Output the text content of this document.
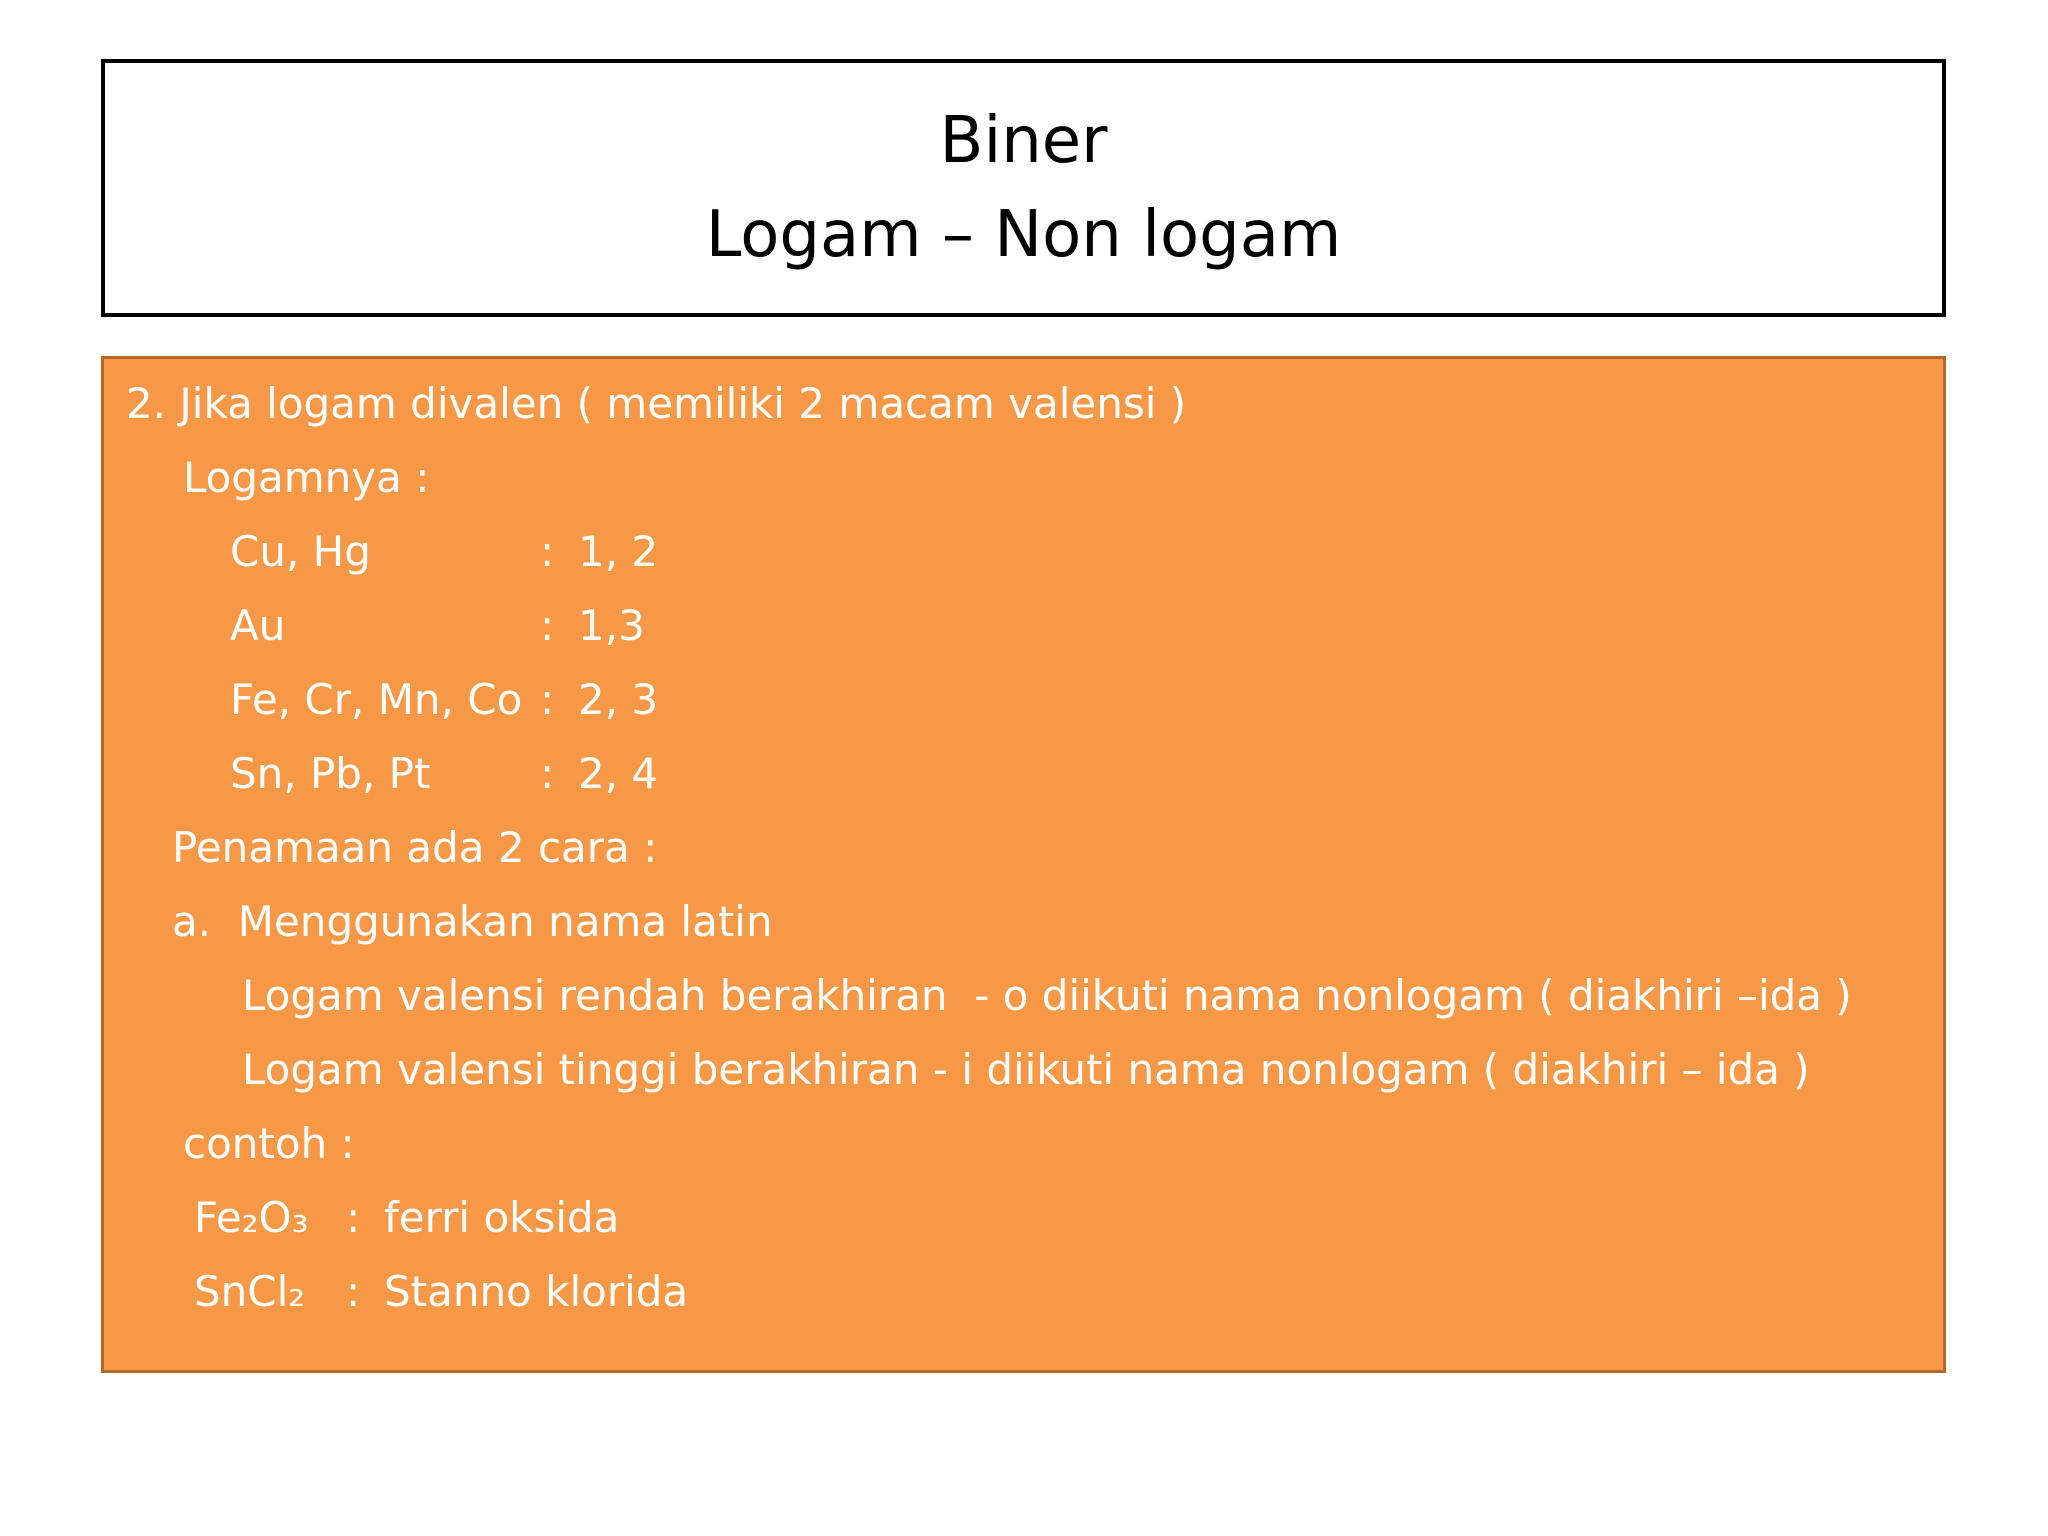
Biner
Logam – Non logam
2. Jika logam divalen ( memiliki 2 macam valensi )
Logamnya :
Cu, Hg	: 1, 2
Au	: 1,3
Fe, Cr, Mn, Co : 2, 3
Sn, Pb, Pt	: 2, 4
Penamaan ada 2 cara :
a.  Menggunakan nama latin
Logam valensi rendah berakhiran  - o diikuti nama nonlogam ( diakhiri –ida )
Logam valensi tinggi berakhiran - i diikuti nama nonlogam ( diakhiri – ida )
contoh :
Fe₂O₃ : ferri oksida
SnCl₂ : Stanno klorida
